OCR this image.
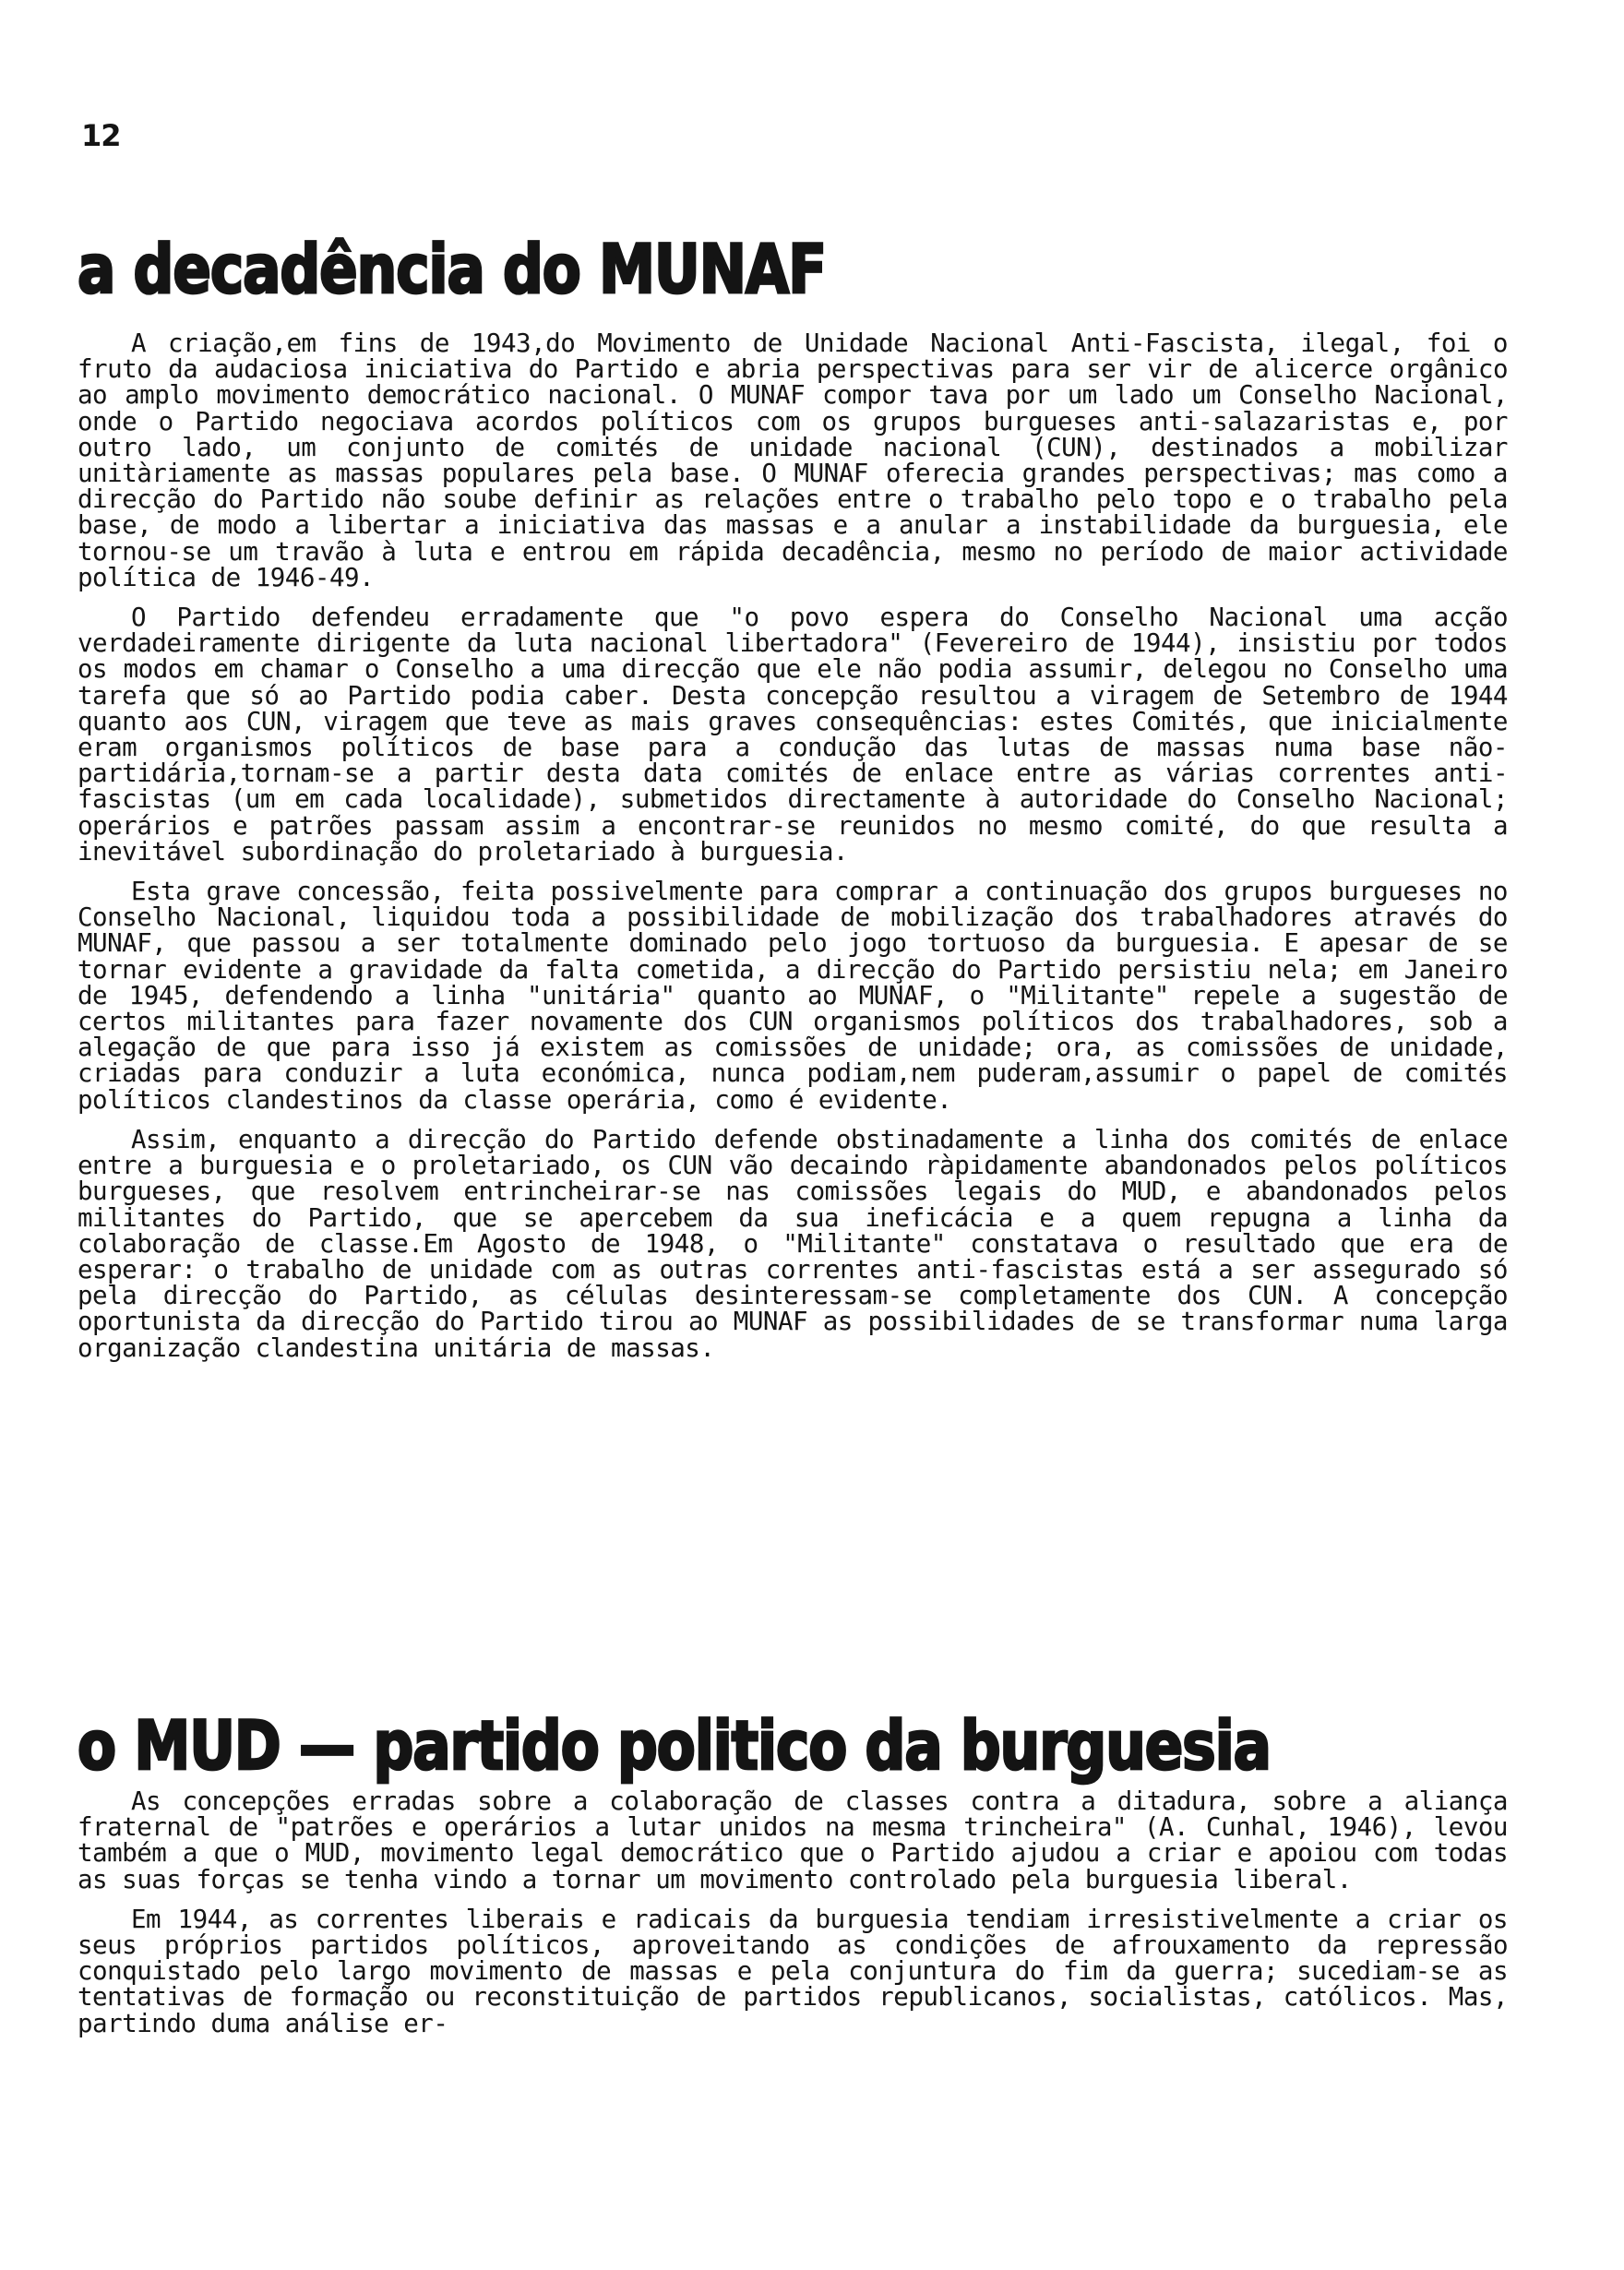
12
a decadência do MUNAF

A criação,em fins de 1943,do Movimento de Unidade Nacional Anti-Fascista, ilegal, foi o fruto da audaciosa iniciativa do Partido e abria perspectivas para ser vir de alicerce orgânico ao amplo movimento democrático nacional. O MUNAF compor tava por um lado um Conselho Nacional, onde o Partido negociava acordos políticos com os grupos burgueses anti-salazaristas e, por outro lado, um conjunto de comités de unidade nacional (CUN), destinados a mobilizar unitàriamente as massas populares pela base. O MUNAF oferecia grandes perspectivas; mas como a direcção do Partido não soube definir as relações entre o trabalho pelo topo e o trabalho pela base, de modo a libertar a iniciativa das massas e a anular a instabilidade da burguesia, ele tornou-se um travão à luta e entrou em rápida decadência, mesmo no período de maior actividade política de 1946-49.

O Partido defendeu erradamente que "o povo espera do Conselho Nacional uma acção verdadeiramente dirigente da luta nacional libertadora" (Fevereiro de 1944), insistiu por todos os modos em chamar o Conselho a uma direcção que ele não podia assumir, delegou no Conselho uma tarefa que só ao Partido podia caber. Desta concepção resultou a viragem de Setembro de 1944 quanto aos CUN, viragem que teve as mais graves consequências: estes Comités, que inicialmente eram organismos políticos de base para a condução das lutas de massas numa base não-partidária,tornam-se a partir desta data comités de enlace entre as várias correntes anti-fascistas (um em cada localidade), submetidos directamente à autoridade do Conselho Nacional; operários e patrões passam assim a encontrar-se reunidos no mesmo comité, do que resulta a inevitável subordinação do proletariado à burguesia.

Esta grave concessão, feita possivelmente para comprar a continuação dos grupos burgueses no Conselho Nacional, liquidou toda a possibilidade de mobilização dos trabalhadores através do MUNAF, que passou a ser totalmente dominado pelo jogo tortuoso da burguesia. E apesar de se tornar evidente a gravidade da falta cometida, a direcção do Partido persistiu nela; em Janeiro de 1945, defendendo a linha "unitária" quanto ao MUNAF, o "Militante" repele a sugestão de certos militantes para fazer novamente dos CUN organismos políticos dos trabalhadores, sob a alegação de que para isso já existem as comissões de unidade; ora, as comissões de unidade, criadas para conduzir a luta económica, nunca podiam,nem puderam,assumir o papel de comités políticos clandestinos da classe operária, como é evidente.

Assim, enquanto a direcção do Partido defende obstinadamente a linha dos comités de enlace entre a burguesia e o proletariado, os CUN vão decaindo ràpidamente abandonados pelos políticos burgueses, que resolvem entrincheirar-se nas comissões legais do MUD, e abandonados pelos militantes do Partido, que se apercebem da sua ineficácia e a quem repugna a linha da colaboração de classe.Em Agosto de 1948, o "Militante" constatava o resultado que era de esperar: o trabalho de unidade com as outras correntes anti-fascistas está a ser assegurado só pela direcção do Partido, as células desinteressam-se completamente dos CUN. A concepção oportunista da direcção do Partido tirou ao MUNAF as possibilidades de se transformar numa larga organização clandestina unitária de massas.

o MUD — partido politico da burguesia

As concepções erradas sobre a colaboração de classes contra a ditadura, sobre a aliança fraternal de "patrões e operários a lutar unidos na mesma trincheira" (A. Cunhal, 1946), levou também a que o MUD, movimento legal democrático que o Partido ajudou a criar e apoiou com todas as suas forças se tenha vindo a tornar um movimento controlado pela burguesia liberal.

Em 1944, as correntes liberais e radicais da burguesia tendiam irresistivelmente a criar os seus próprios partidos políticos, aproveitando as condições de afrouxamento da repressão conquistado pelo largo movimento de massas e pela conjuntura do fim da guerra; sucediam-se as tentativas de formação ou reconstituição de partidos republicanos, socialistas, católicos. Mas, partindo duma análise er-
